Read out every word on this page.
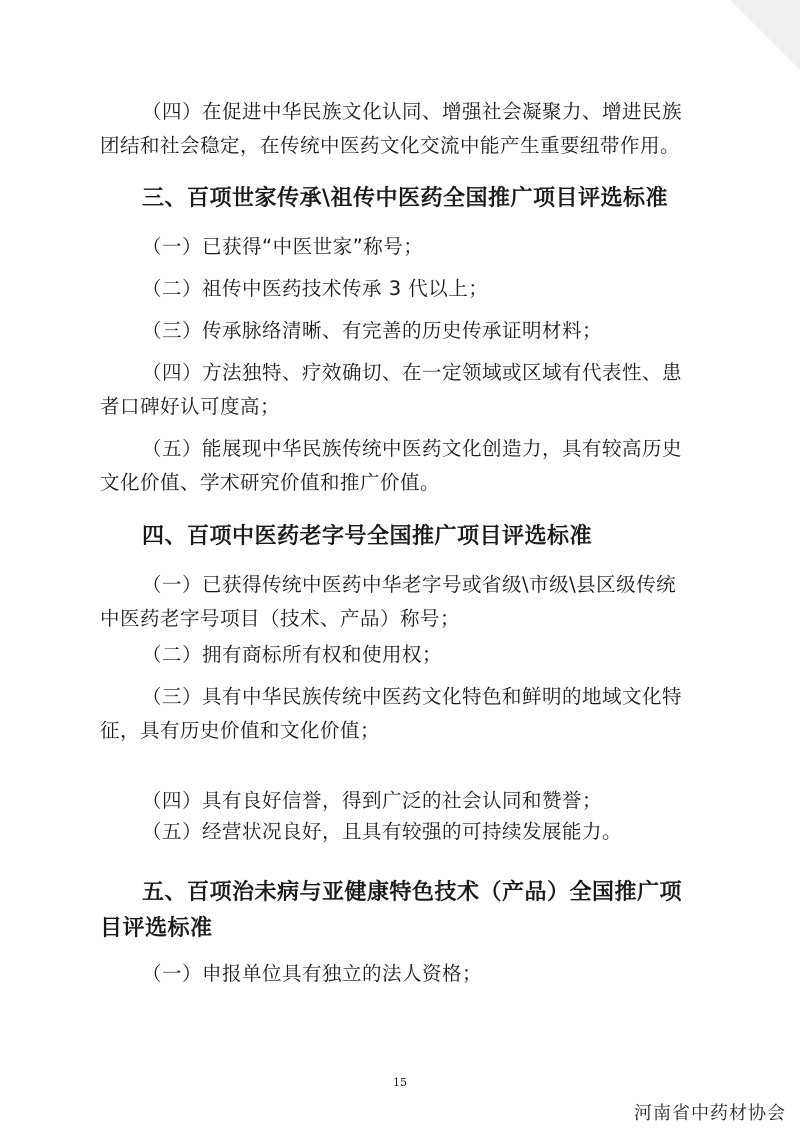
（四）在促进中华民族文化认同、增强社会凝聚力、增进民族
团结和社会稳定，在传统中医药文化交流中能产生重要纽带作用。
三、百项世家传承\祖传中医药全国推广项目评选标准
（一）已获得“中医世家”称号；
（二）祖传中医药技术传承 3 代以上；
（三）传承脉络清晰、有完善的历史传承证明材料；
（四）方法独特、疗效确切、在一定领域或区域有代表性、患
者口碑好认可度高；
（五）能展现中华民族传统中医药文化创造力，具有较高历史
文化价值、学术研究价值和推广价值。
四、百项中医药老字号全国推广项目评选标准
（一）已获得传统中医药中华老字号或省级\市级\县区级传统
中医药老字号项目（技术、产品）称号；
（二）拥有商标所有权和使用权；
（三）具有中华民族传统中医药文化特色和鲜明的地域文化特
征，具有历史价值和文化价值；
（四）具有良好信誉，得到广泛的社会认同和赞誉；
（五）经营状况良好，且具有较强的可持续发展能力。
五、百项治未病与亚健康特色技术（产品）全国推广项
目评选标准
（一）申报单位具有独立的法人资格；
15
河南省中药材协会
